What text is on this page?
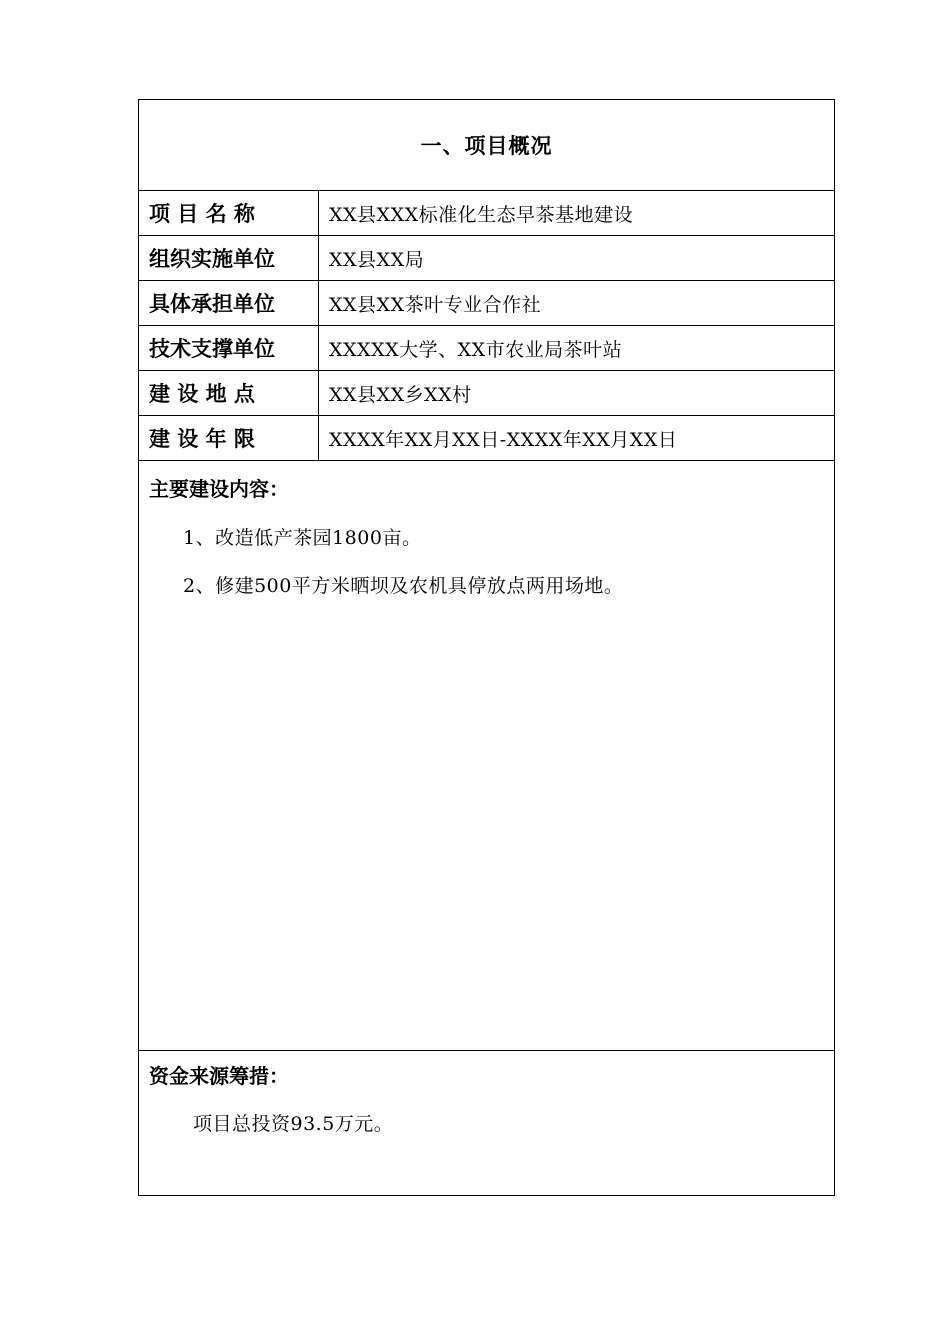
一、项目概况
项 目 名 称	XX县XXX标准化生态早茶基地建设
组织实施单位	XX县XX局
具体承担单位	XX县XX茶叶专业合作社
技术支撑单位	XXXXX大学、XX市农业局茶叶站
建 设 地 点	XX县XX乡XX村
建 设 年 限	XXXX年XX月XX日-XXXX年XX月XX日
主要建设内容：
1、改造低产茶园1800亩。
2、修建500平方米晒坝及农机具停放点两用场地。
资金来源筹措：
项目总投资93.5万元。
